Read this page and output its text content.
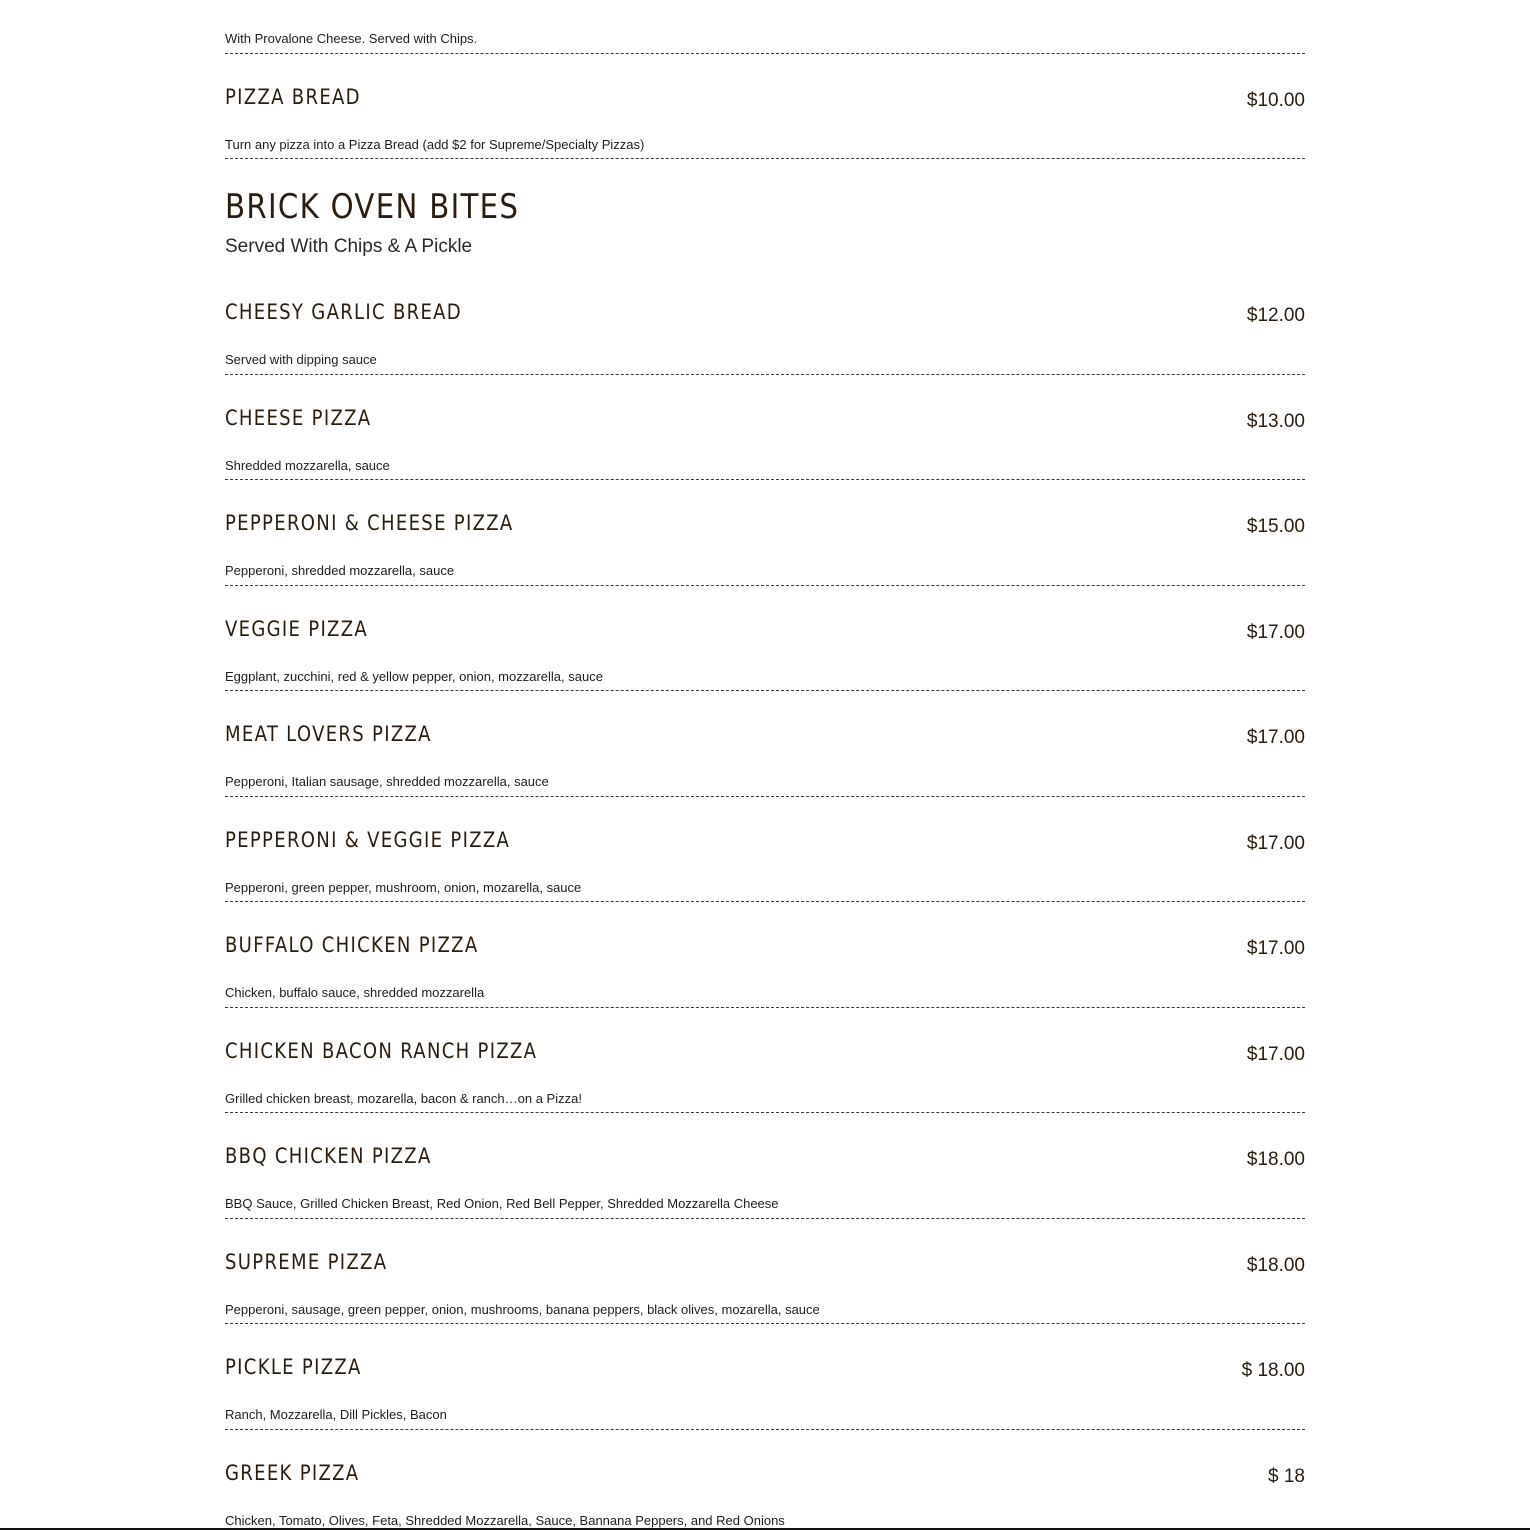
With Provalone Cheese. Served with Chips.
PIZZA BREAD	$10.00
Turn any pizza into a Pizza Bread (add $2 for Supreme/Specialty Pizzas)
BRICK OVEN BITES
Served With Chips & A Pickle
CHEESY GARLIC BREAD	$12.00
Served with dipping sauce
CHEESE PIZZA	$13.00
Shredded mozzarella, sauce
PEPPERONI & CHEESE PIZZA	$15.00
Pepperoni, shredded mozzarella, sauce
VEGGIE PIZZA	$17.00
Eggplant, zucchini, red & yellow pepper, onion, mozzarella, sauce
MEAT LOVERS PIZZA	$17.00
Pepperoni, Italian sausage, shredded mozzarella, sauce
PEPPERONI & VEGGIE PIZZA	$17.00
Pepperoni, green pepper, mushroom, onion, mozarella, sauce
BUFFALO CHICKEN PIZZA	$17.00
Chicken, buffalo sauce, shredded mozzarella
CHICKEN BACON RANCH PIZZA	$17.00
Grilled chicken breast, mozarella, bacon & ranch…on a Pizza!
BBQ CHICKEN PIZZA	$18.00
BBQ Sauce, Grilled Chicken Breast, Red Onion, Red Bell Pepper, Shredded Mozzarella Cheese
SUPREME PIZZA	$18.00
Pepperoni, sausage, green pepper, onion, mushrooms, banana peppers, black olives, mozarella, sauce
PICKLE PIZZA	$ 18.00
Ranch, Mozzarella, Dill Pickles, Bacon
GREEK PIZZA	$ 18
Chicken, Tomato, Olives, Feta, Shredded Mozzarella, Sauce, Bannana Peppers, and Red Onions
